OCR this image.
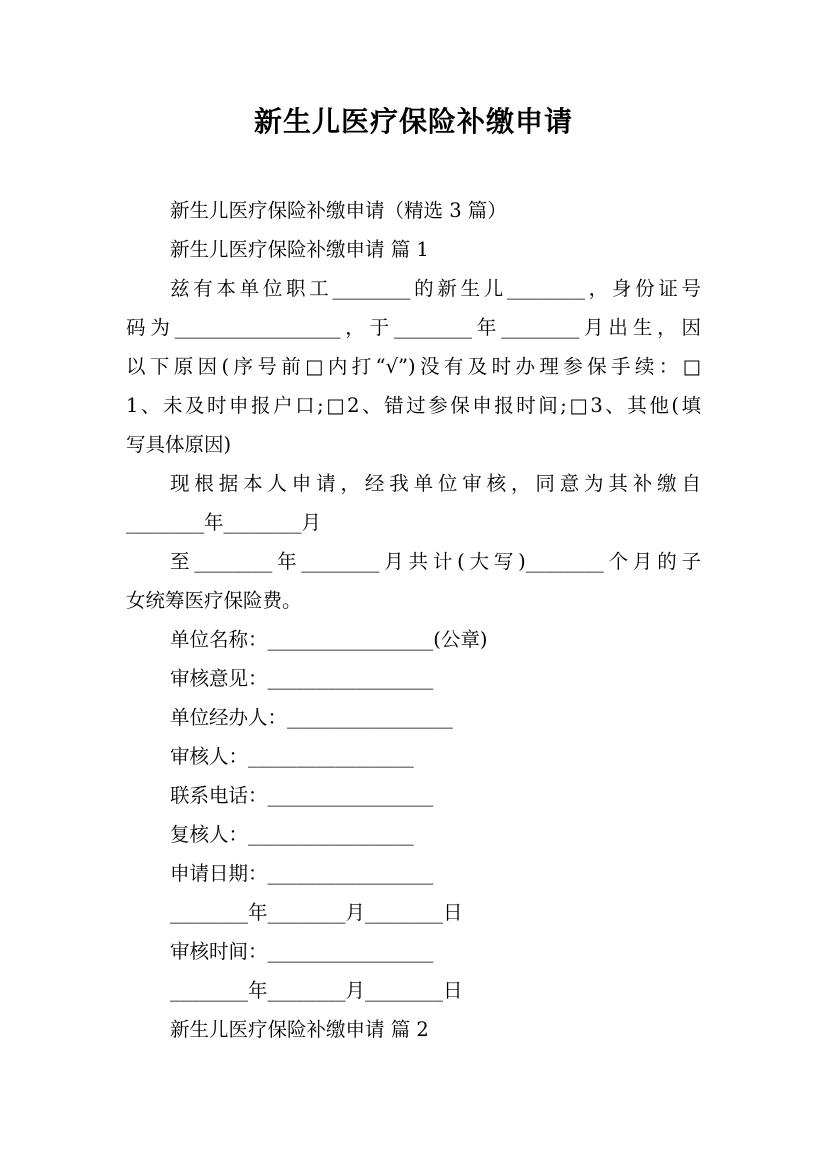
新生儿医疗保险补缴申请
新生儿医疗保险补缴申请（精选 3 篇）
新生儿医疗保险补缴申请 篇 1
兹有本单位职工________的新生儿________，身份证号
码为_________________，于________年________月出生，因
以下原因(序号前□内打“√”)没有及时办理参保手续：□
1、未及时申报户口;□2、错过参保申报时间;□3、其他(填
写具体原因)
现根据本人申请，经我单位审核，同意为其补缴自
________年________月
至________年________月共计(大写)________个月的子
女统筹医疗保险费。
单位名称：_________________(公章)
审核意见：_________________
单位经办人：_________________
审核人：_________________
联系电话：_________________
复核人：_________________
申请日期：_________________
________年________月________日
审核时间：_________________
________年________月________日
新生儿医疗保险补缴申请 篇 2
